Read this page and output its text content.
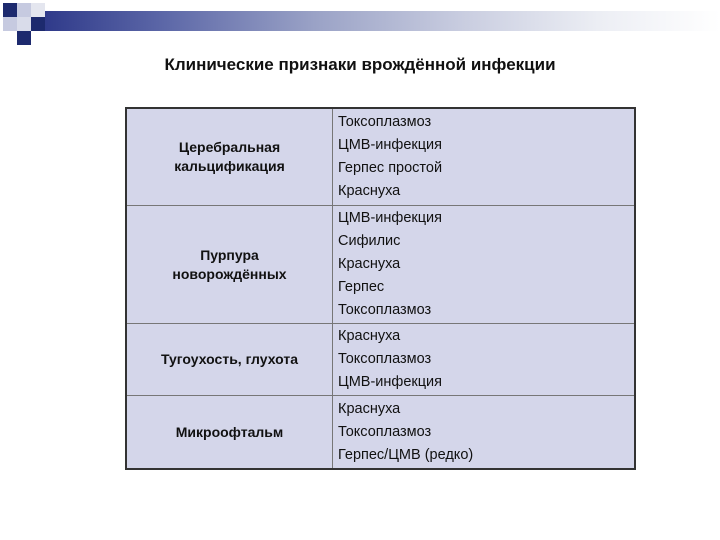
Клинические признаки врождённой инфекции
Церебральная кальцификация
Токсоплазмоз
ЦМВ-инфекция
Герпес простой
Краснуха
Пурпура новорождённых
ЦМВ-инфекция
Сифилис
Краснуха
Герпес
Токсоплазмоз
Тугоухость, глухота
Краснуха
Токсоплазмоз
ЦМВ-инфекция
Микроофтальм
Краснуха
Токсоплазмоз
Герпес/ЦМВ (редко)
